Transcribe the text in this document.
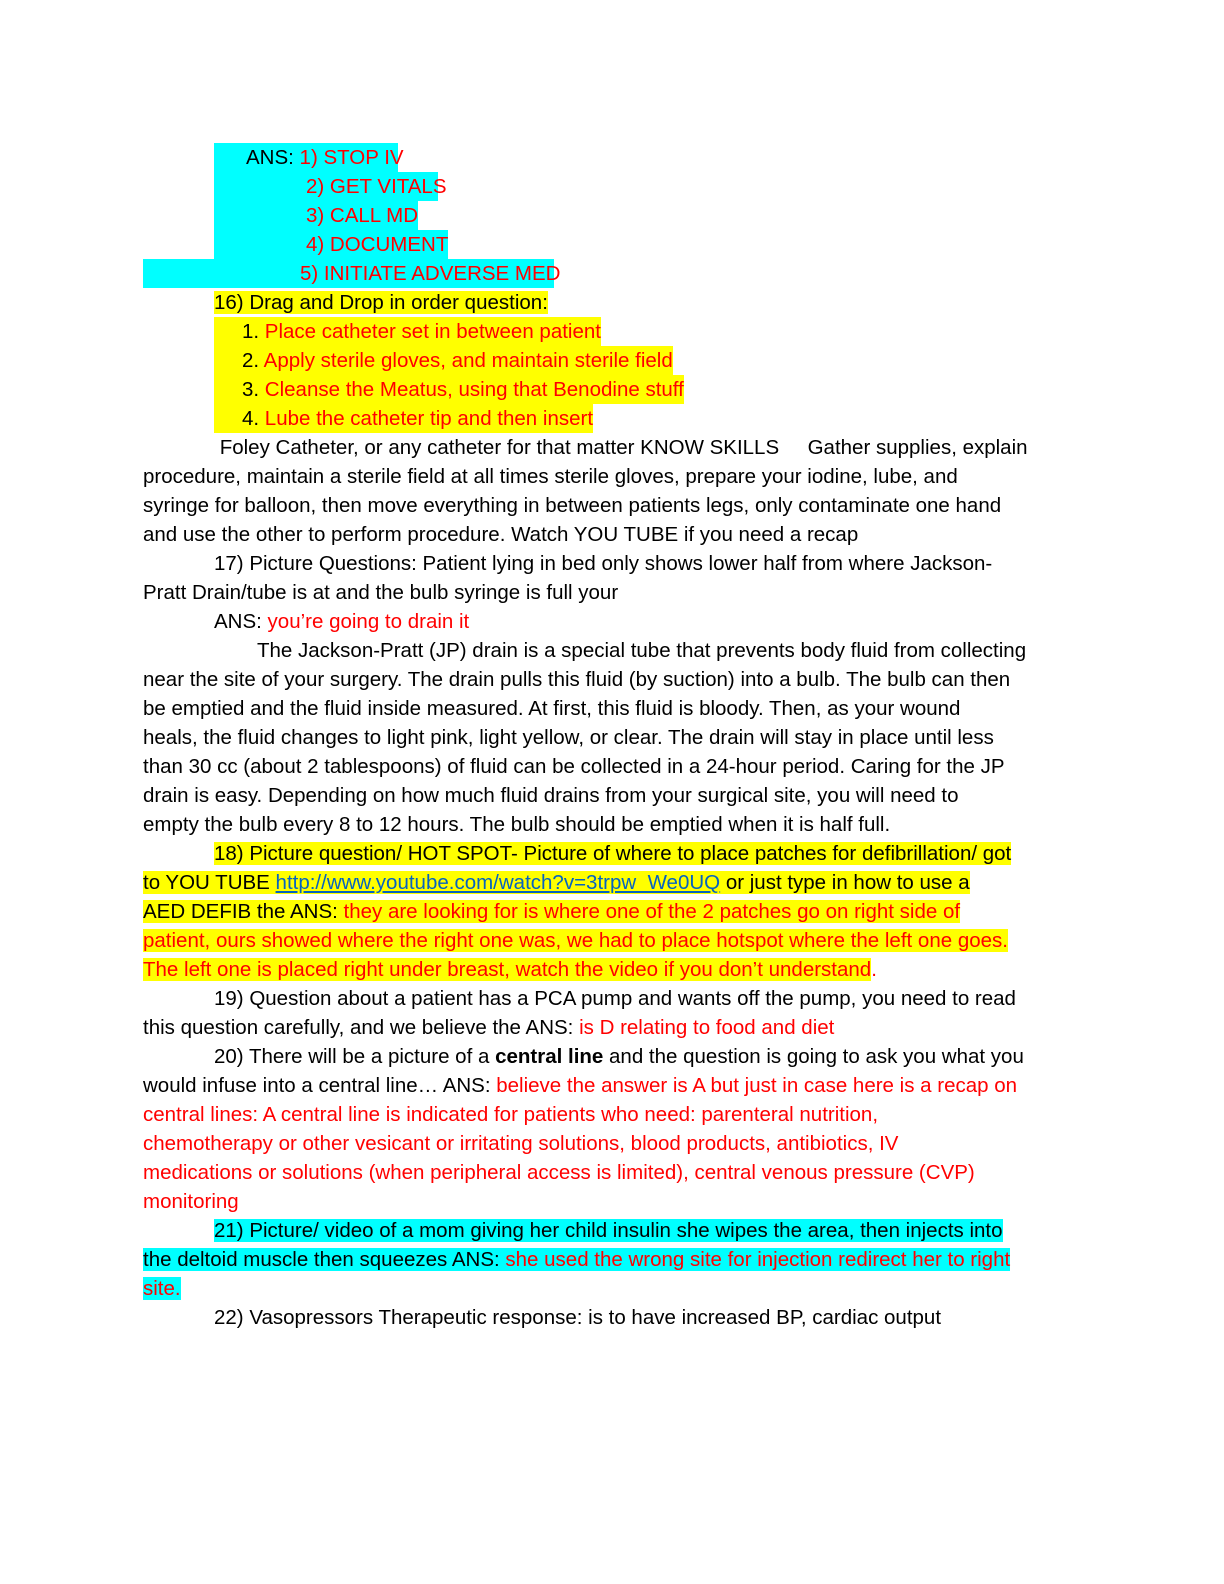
ANS: 1) STOP IV
2) GET VITALS
3) CALL MD
4) DOCUMENT
5) INITIATE ADVERSE MED
16) Drag and Drop in order question:
1. Place catheter set in between patient
2. Apply sterile gloves, and maintain sterile field
3. Cleanse the Meatus, using that Benodine stuff
4. Lube the catheter tip and then insert
Foley Catheter, or any catheter for that matter KNOW SKILLS     Gather supplies, explain
procedure, maintain a sterile field at all times sterile gloves, prepare your iodine, lube, and
syringe for balloon, then move everything in between patients legs, only contaminate one hand
and use the other to perform procedure. Watch YOU TUBE if you need a recap
17) Picture Questions: Patient lying in bed only shows lower half from where Jackson-
Pratt Drain/tube is at and the bulb syringe is full your
ANS: you’re going to drain it
The Jackson-Pratt (JP) drain is a special tube that prevents body fluid from collecting
near the site of your surgery. The drain pulls this fluid (by suction) into a bulb. The bulb can then
be emptied and the fluid inside measured. At first, this fluid is bloody. Then, as your wound
heals, the fluid changes to light pink, light yellow, or clear. The drain will stay in place until less
than 30 cc (about 2 tablespoons) of fluid can be collected in a 24-hour period. Caring for the JP
drain is easy. Depending on how much fluid drains from your surgical site, you will need to
empty the bulb every 8 to 12 hours. The bulb should be emptied when it is half full.
18) Picture question/ HOT SPOT- Picture of where to place patches for defibrillation/ got
to YOU TUBE http://www.youtube.com/watch?v=3trpw_We0UQ or just type in how to use a
AED DEFIB the ANS: they are looking for is where one of the 2 patches go on right side of
patient, ours showed where the right one was, we had to place hotspot where the left one goes.
The left one is placed right under breast, watch the video if you don’t understand.
19) Question about a patient has a PCA pump and wants off the pump, you need to read
this question carefully, and we believe the ANS: is D relating to food and diet
20) There will be a picture of a central line and the question is going to ask you what you
would infuse into a central line… ANS: believe the answer is A but just in case here is a recap on
central lines: A central line is indicated for patients who need: parenteral nutrition,
chemotherapy or other vesicant or irritating solutions, blood products, antibiotics, IV
medications or solutions (when peripheral access is limited), central venous pressure (CVP)
monitoring
21) Picture/ video of a mom giving her child insulin she wipes the area, then injects into
the deltoid muscle then squeezes ANS: she used the wrong site for injection redirect her to right
site.
22) Vasopressors Therapeutic response: is to have increased BP, cardiac output
